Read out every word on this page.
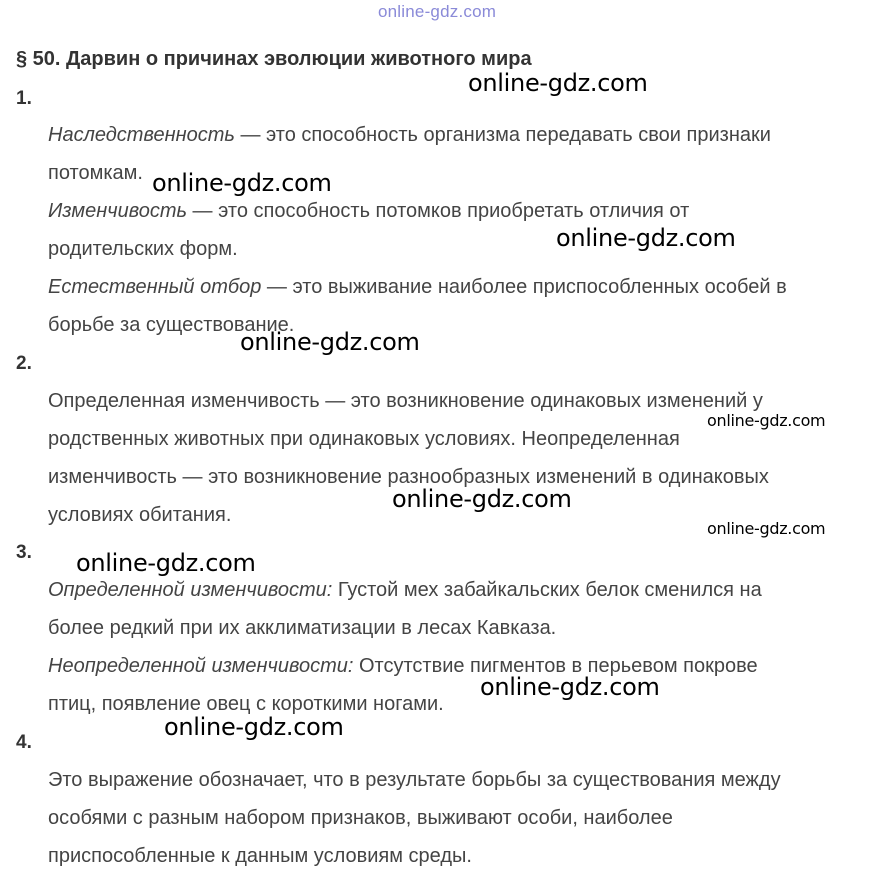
online-gdz.com
§ 50. Дарвин о причинах эволюции животного мира
1.
Наследственность — это способность организма передавать свои признаки
потомкам.
Изменчивость — это способность потомков приобретать отличия от
родительских форм.
Естественный отбор — это выживание наиболее приспособленных особей в
борьбе за существование.
2.
Определенная изменчивость — это возникновение одинаковых изменений у
родственных животных при одинаковых условиях. Неопределенная
изменчивость — это возникновение разнообразных изменений в одинаковых
условиях обитания.
3.
Определенной изменчивости: Густой мех забайкальских белок сменился на
более редкий при их акклиматизации в лесах Кавказа.
Неопределенной изменчивости: Отсутствие пигментов в перьевом покрове
птиц, появление овец с короткими ногами.
4.
Это выражение обозначает, что в результате борьбы за существования между
особями с разным набором признаков, выживают особи, наиболее
приспособленные к данным условиям среды.
online-gdz.com
online-gdz.com
online-gdz.com
online-gdz.com
online-gdz.com
online-gdz.com
online-gdz.com
online-gdz.com
online-gdz.com
online-gdz.com
